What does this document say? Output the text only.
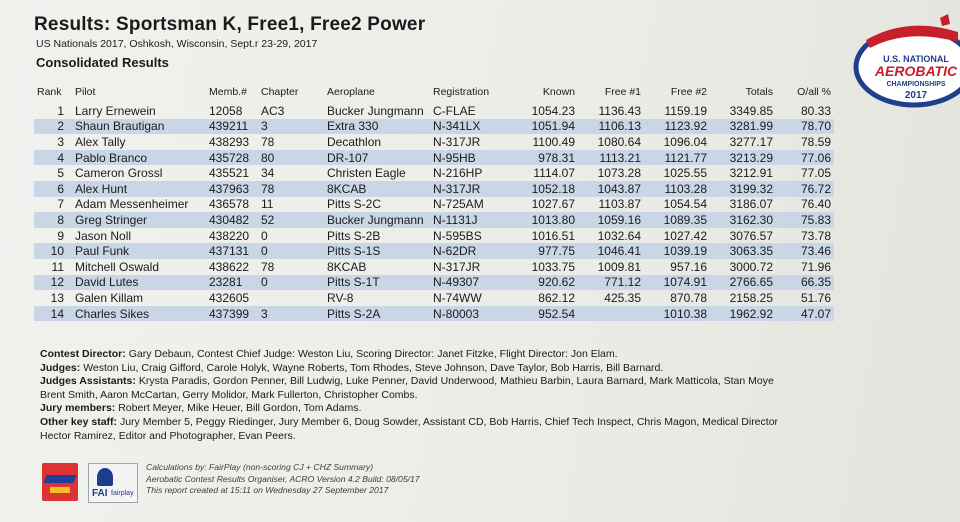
Results: Sportsman K, Free1, Free2 Power
US Nationals 2017, Oshkosh, Wisconsin, Sept.r 23-29, 2017
Consolidated Results	U.S. NATIONAL
AEROBATIC
CHAMPIONSHIPS
2017
Rank	Pilot	Memb.#	Chapter	Aeroplane	Registration	Known	Free #1	Free #2	Totals	O/all %
1	Larry Ernewein	12058	AC3	Bucker Jungmann	C-FLAE	1054.23	1136.43	1159.19	3349.85	80.33
2	Shaun Brautigan	439211	3	Extra 330	N-341LX	1051.94	1106.13	1123.92	3281.99	78.70
3	Alex Tally	438293	78	Decathlon	N-317JR	1100.49	1080.64	1096.04	3277.17	78.59
4	Pablo Branco	435728	80	DR-107	N-95HB	978.31	1113.21	1121.77	3213.29	77.06
5	Cameron Grossl	435521	34	Christen Eagle	N-216HP	1114.07	1073.28	1025.55	3212.91	77.05
6	Alex Hunt	437963	78	8KCAB	N-317JR	1052.18	1043.87	1103.28	3199.32	76.72
7	Adam Messenheimer	436578	11	Pitts S-2C	N-725AM	1027.67	1103.87	1054.54	3186.07	76.40
8	Greg Stringer	430482	52	Bucker Jungmann	N-1131J	1013.80	1059.16	1089.35	3162.30	75.83
9	Jason Noll	438220	0	Pitts S-2B	N-595BS	1016.51	1032.64	1027.42	3076.57	73.78
10	Paul Funk	437131	0	Pitts S-1S	N-62DR	977.75	1046.41	1039.19	3063.35	73.46
11	Mitchell Oswald	438622	78	8KCAB	N-317JR	1033.75	1009.81	957.16	3000.72	71.96
12	David Lutes	23281	0	Pitts S-1T	N-49307	920.62	771.12	1074.91	2766.65	66.35
13	Galen Killam	432605		RV-8	N-74WW	862.12	425.35	870.78	2158.25	51.76
14	Charles Sikes	437399	3	Pitts S-2A	N-80003	952.54		1010.38	1962.92	47.07
Contest Director: Gary Debaun, Contest Chief Judge: Weston Liu, Scoring Director: Janet Fitzke, Flight Director: Jon Elam.
Judges: Weston Liu, Craig Gifford, Carole Holyk, Wayne Roberts, Tom Rhodes, Steve Johnson, Dave Taylor, Bob Harris, Bill Barnard.
Judges Assistants: Krysta Paradis, Gordon Penner, Bill Ludwig, Luke Penner, David Underwood, Mathieu Barbin, Laura Barnard, Mark Matticola, Stan Moye
Brent Smith, Aaron McCartan, Gerry Molidor, Mark Fullerton, Christopher Combs.
Jury members: Robert Meyer, Mike Heuer, Bill Gordon, Tom Adams.
Other key staff: Jury Member 5, Peggy Riedinger, Jury Member 6, Doug Sowder, Assistant CD, Bob Harris, Chief Tech Inspect, Chris Magon, Medical Director
Hector Ramirez, Editor and Photographer, Evan Peers.
FAI fairplay
Calculations by: FairPlay (non-scoring CJ + CHZ Summary)
Aerobatic Contest Results Organiser, ACRO Version 4.2 Build: 08/05/17
This report created at 15:11 on Wednesday 27 September 2017
